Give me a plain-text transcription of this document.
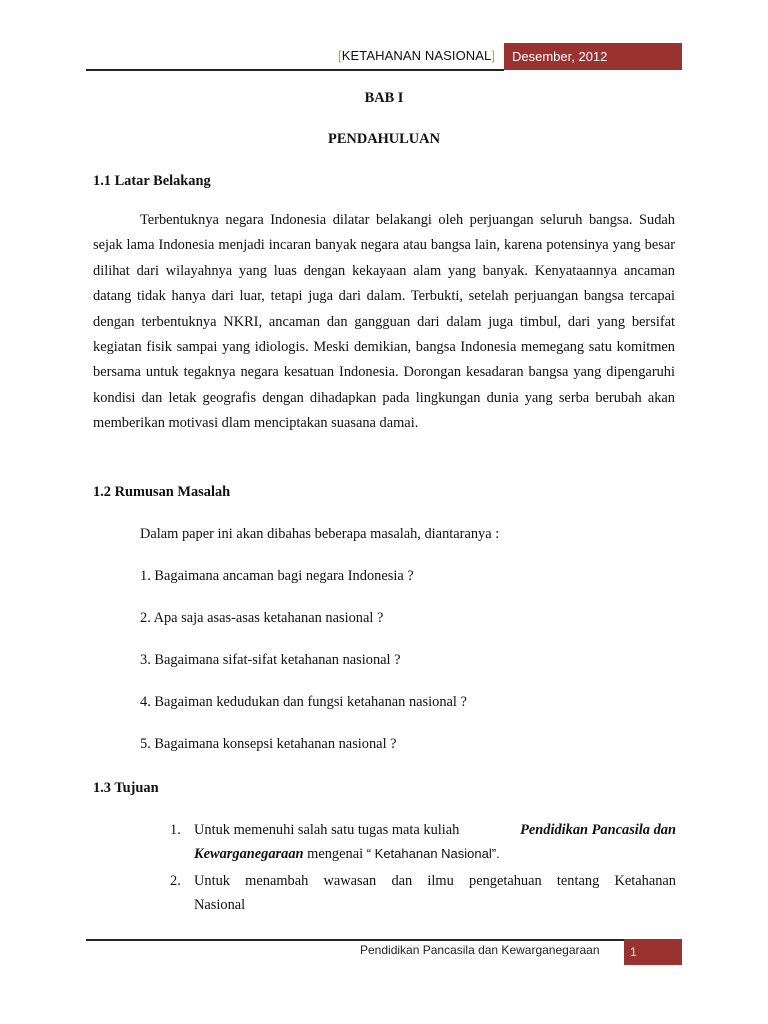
[KETAHANAN NASIONAL]	Desember, 2012
BAB I
PENDAHULUAN
1.1 Latar Belakang
Terbentuknya negara Indonesia dilatar belakangi oleh perjuangan seluruh bangsa. Sudah sejak lama Indonesia menjadi incaran banyak negara atau bangsa lain, karena potensinya yang besar dilihat dari wilayahnya yang luas dengan kekayaan alam yang banyak. Kenyataannya ancaman datang tidak hanya dari luar, tetapi juga dari dalam. Terbukti, setelah perjuangan bangsa tercapai dengan terbentuknya NKRI, ancaman dan gangguan dari dalam juga timbul, dari yang bersifat kegiatan fisik sampai yang idiologis. Meski demikian, bangsa Indonesia memegang satu komitmen bersama untuk tegaknya negara kesatuan Indonesia. Dorongan kesadaran bangsa yang dipengaruhi kondisi dan letak geografis dengan dihadapkan pada lingkungan dunia yang serba berubah akan memberikan motivasi dlam menciptakan suasana damai.
1.2 Rumusan Masalah
Dalam paper ini akan dibahas beberapa masalah, diantaranya :
1. Bagaimana ancaman bagi negara Indonesia ?
2. Apa saja asas-asas ketahanan nasional ?
3. Bagaimana sifat-sifat ketahanan nasional ?
4. Bagaiman kedudukan dan fungsi ketahanan nasional ?
5. Bagaimana konsepsi ketahanan nasional ?
1.3 Tujuan
1. Untuk memenuhi salah satu tugas mata kuliah	Pendidikan Pancasila dan
Kewarganegaraan mengenai “ Ketahanan Nasional”.
2. Untuk menambah wawasan dan ilmu pengetahuan tentang Ketahanan
Nasional
Pendidikan Pancasila dan Kewarganegaraan	1
